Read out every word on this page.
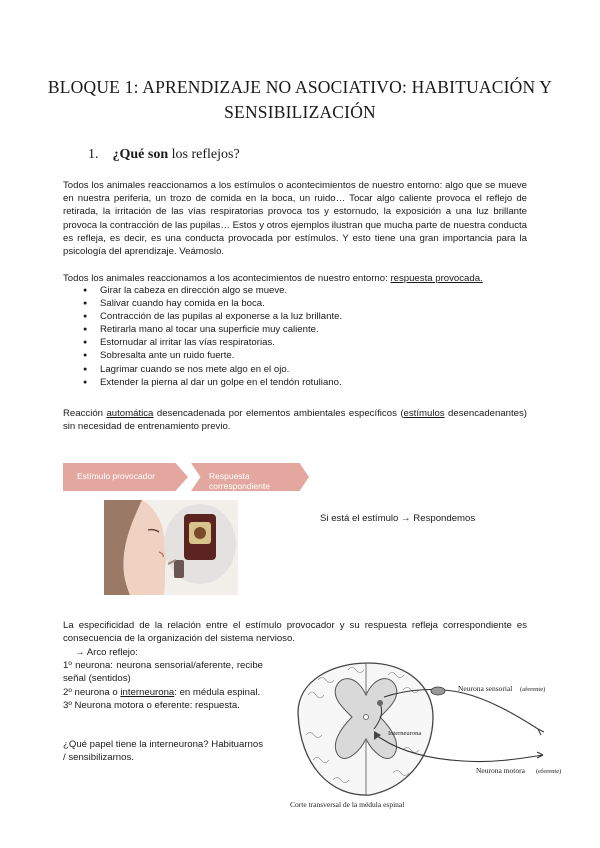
BLOQUE 1: APRENDIZAJE NO ASOCIATIVO: HABITUACIÓN Y SENSIBILIZACIÓN
1. ¿Qué son los reflejos?
Todos los animales reaccionamos a los estímulos o acontecimientos de nuestro entorno: algo que se mueve en nuestra periferia, un trozo de comida en la boca, un ruido… Tocar algo caliente provoca el reflejo de retirada, la irritación de las vías respiratorias provoca tos y estornudo, la exposición a una luz brillante provoca la contracción de las pupilas… Estos y otros ejemplos ilustran que mucha parte de nuestra conducta es refleja, es decir, es una conducta provocada por estímulos. Y esto tiene una gran importancia para la psicología del aprendizaje. Veámoslo.
Todos los animales reaccionamos a los acontecimientos de nuestro entorno: respuesta provocada.
● Girar la cabeza en dirección algo se mueve.
● Salivar cuando hay comida en la boca.
● Contracción de las pupilas al exponerse a la luz brillante.
● Retirarla mano al tocar una superficie muy caliente.
● Estornudar al irritar las vías respiratorias.
● Sobresalta ante un ruido fuerte.
● Lagrimar cuando se nos mete algo en el ojo.
● Extender la pierna al dar un golpe en el tendón rotuliano.
Reacción automática desencadenada por elementos ambientales específicos (estímulos desencadenantes) sin necesidad de entrenamiento previo.
Estímulo provocador	Respuesta correspondiente
Si está el estímulo → Respondemos
La especificidad de la relación entre el estímulo provocador y su respuesta refleja correspondiente es consecuencia de la organización del sistema nervioso.
→ Arco reflejo:
1º neurona: neurona sensorial/aferente, recibe señal (sentidos)
2º neurona o interneurona: en médula espinal.
3º Neurona motora o eferente: respuesta.
¿Qué papel tiene la interneurona? Habituarnos / sensibilizarnos.
Neurona sensorial (aferente)
Interneurona
Neurona motora (eferente)
Corte transversal de la médula espinal
